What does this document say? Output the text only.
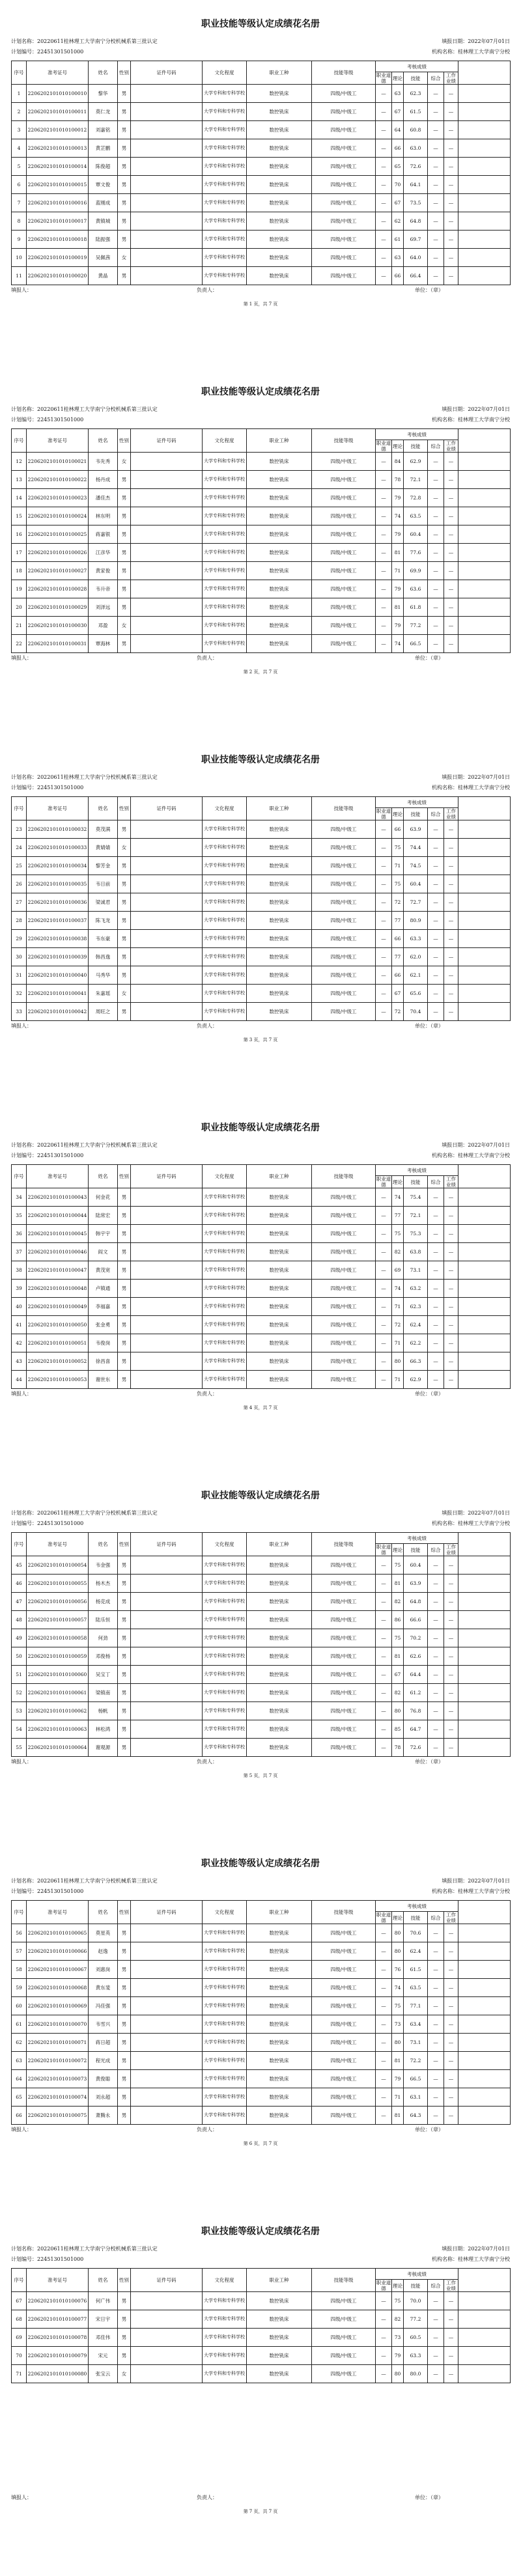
职业技能等级认定成绩花名册
计划名称：20220611桂林理工大学南宁分校机械系第三批认定	填报日期：2022年07月01日
计划编号：22451301501000	机构名称：桂林理工大学南宁分校
序号	准考证号	姓名	性别	证件号码	文化程度	职业工种	技能等级	考核成绩					
								职业道德	理论	技能	综合	工作业绩	
1	2206202101010100010	黎华	男		大学专科和专科学校	数控铣床	四级/中级工	—	63	62.3	—	—	
2	2206202101010100011	莫仁龙	男		大学专科和专科学校	数控铣床	四级/中级工	—	67	61.5	—	—	
3	2206202101010100012	刘嘉铭	男		大学专科和专科学校	数控铣床	四级/中级工	—	64	60.8	—	—	
4	2206202101010100013	黄芷鹏	男		大学专科和专科学校	数控铣床	四级/中级工	—	66	63.0	—	—	
5	2206202101010100014	陈俊超	男		大学专科和专科学校	数控铣床	四级/中级工	—	65	72.6	—	—	
6	2206202101010100015	覃文俊	男		大学专科和专科学校	数控铣床	四级/中级工	—	70	64.1	—	—	
7	2206202101010100016	蓝刚成	男		大学专科和专科学校	数控铣床	四级/中级工	—	67	73.5	—	—	
8	2206202101010100017	黄镇城	男		大学专科和专科学校	数控铣床	四级/中级工	—	62	64.8	—	—	
9	2206202101010100018	陆振强	男		大学专科和专科学校	数控铣床	四级/中级工	—	61	69.7	—	—	
10	2206202101010100019	吴佩茜	女		大学专科和专科学校	数控铣床	四级/中级工	—	63	64.0	—	—	
11	2206202101010100020	黄晶	男		大学专科和专科学校	数控铣床	四级/中级工	—	66	66.4	—	—	
填报人：	负责人：	单位：（章）
第 1 页，共 7 页
职业技能等级认定成绩花名册
计划名称：20220611桂林理工大学南宁分校机械系第三批认定	填报日期：2022年07月01日
计划编号：22451301501000	机构名称：桂林理工大学南宁分校
序号	准考证号	姓名	性别	证件号码	文化程度	职业工种	技能等级	考核成绩					
								职业道德	理论	技能	综合	工作业绩	
12	2206202101010100021	韦先秀	女		大学专科和专科学校	数控铣床	四级/中级工	—	84	62.9	—	—	
13	2206202101010100022	杨丹成	男		大学专科和专科学校	数控铣床	四级/中级工	—	78	72.1	—	—	
14	2206202101010100023	潘佳杰	男		大学专科和专科学校	数控铣床	四级/中级工	—	79	72.8	—	—	
15	2206202101010100024	林东明	男		大学专科和专科学校	数控铣床	四级/中级工	—	74	63.5	—	—	
16	2206202101010100025	蒋嘉银	男		大学专科和专科学校	数控铣床	四级/中级工	—	79	60.4	—	—	
17	2206202101010100026	江彦华	男		大学专科和专科学校	数控铣床	四级/中级工	—	81	77.6	—	—	
18	2206202101010100027	黄家俊	男		大学专科和专科学校	数控铣床	四级/中级工	—	71	69.9	—	—	
19	2206202101010100028	韦升帝	男		大学专科和专科学校	数控铣床	四级/中级工	—	79	63.6	—	—	
20	2206202101010100029	刘泽远	男		大学专科和专科学校	数控铣床	四级/中级工	—	81	61.8	—	—	
21	2206202101010100030	邓盈	女		大学专科和专科学校	数控铣床	四级/中级工	—	79	77.2	—	—	
22	2206202101010100031	覃海林	男		大学专科和专科学校	数控铣床	四级/中级工	—	74	66.5	—	—	
填报人：	负责人：	单位：（章）
第 2 页，共 7 页
职业技能等级认定成绩花名册
计划名称：20220611桂林理工大学南宁分校机械系第三批认定	填报日期：2022年07月01日
计划编号：22451301501000	机构名称：桂林理工大学南宁分校
序号	准考证号	姓名	性别	证件号码	文化程度	职业工种	技能等级	考核成绩					
								职业道德	理论	技能	综合	工作业绩	
23	2206202101010100032	莫茂满	男		大学专科和专科学校	数控铣床	四级/中级工	—	66	63.9	—	—	
24	2206202101010100033	黄婧婧	女		大学专科和专科学校	数控铣床	四级/中级工	—	75	74.4	—	—	
25	2206202101010100034	黎芳金	男		大学专科和专科学校	数控铣床	四级/中级工	—	71	74.5	—	—	
26	2206202101010100035	韦日前	男		大学专科和专科学校	数控铣床	四级/中级工	—	75	60.4	—	—	
27	2206202101010100036	梁诚君	男		大学专科和专科学校	数控铣床	四级/中级工	—	72	72.7	—	—	
28	2206202101010100037	陈飞龙	男		大学专科和专科学校	数控铣床	四级/中级工	—	77	80.9	—	—	
29	2206202101010100038	韦东豪	男		大学专科和专科学校	数控铣床	四级/中级工	—	66	63.3	—	—	
30	2206202101010100039	韩昌逸	男		大学专科和专科学校	数控铣床	四级/中级工	—	77	62.0	—	—	
31	2206202101010100040	马秀华	男		大学专科和专科学校	数控铣床	四级/中级工	—	66	62.1	—	—	
32	2206202101010100041	朱嘉瑶	女		大学专科和专科学校	数控铣床	四级/中级工	—	67	65.6	—	—	
33	2206202101010100042	周旺之	男		大学专科和专科学校	数控铣床	四级/中级工	—	72	70.4	—	—	
填报人：	负责人：	单位：（章）
第 3 页，共 7 页
职业技能等级认定成绩花名册
计划名称：20220611桂林理工大学南宁分校机械系第三批认定	填报日期：2022年07月01日
计划编号：22451301501000	机构名称：桂林理工大学南宁分校
序号	准考证号	姓名	性别	证件号码	文化程度	职业工种	技能等级	考核成绩					
								职业道德	理论	技能	综合	工作业绩	
34	2206202101010100043	何金花	男		大学专科和专科学校	数控铣床	四级/中级工	—	74	75.4	—	—	
35	2206202101010100044	陆常宏	男		大学专科和专科学校	数控铣床	四级/中级工	—	77	72.1	—	—	
36	2206202101010100045	韩宇宇	男		大学专科和专科学校	数控铣床	四级/中级工	—	75	75.3	—	—	
37	2206202101010100046	阎文	男		大学专科和专科学校	数控铣床	四级/中级工	—	82	63.8	—	—	
38	2206202101010100047	黄茂宽	男		大学专科和专科学校	数控铣床	四级/中级工	—	69	73.1	—	—	
39	2206202101010100048	卢镇通	男		大学专科和专科学校	数控铣床	四级/中级工	—	74	63.2	—	—	
40	2206202101010100049	李福嘉	男		大学专科和专科学校	数控铣床	四级/中级工	—	71	62.3	—	—	
41	2206202101010100050	张金勇	男		大学专科和专科学校	数控铣床	四级/中级工	—	72	62.4	—	—	
42	2206202101010100051	韦俊岗	男		大学专科和专科学校	数控铣床	四级/中级工	—	71	62.2	—	—	
43	2206202101010100052	徐昌喜	男		大学专科和专科学校	数控铣床	四级/中级工	—	80	66.3	—	—	
44	2206202101010100053	谢世东	男		大学专科和专科学校	数控铣床	四级/中级工	—	71	62.9	—	—	
填报人：	负责人：	单位：（章）
第 4 页，共 7 页
职业技能等级认定成绩花名册
计划名称：20220611桂林理工大学南宁分校机械系第三批认定	填报日期：2022年07月01日
计划编号：22451301501000	机构名称：桂林理工大学南宁分校
序号	准考证号	姓名	性别	证件号码	文化程度	职业工种	技能等级	考核成绩					
								职业道德	理论	技能	综合	工作业绩	
45	2206202101010100054	韦金强	男		大学专科和专科学校	数控铣床	四级/中级工	—	75	60.4	—	—	
46	2206202101010100055	杨木杰	男		大学专科和专科学校	数控铣床	四级/中级工	—	81	63.9	—	—	
47	2206202101010100056	杨克成	男		大学专科和专科学校	数控铣床	四级/中级工	—	82	64.8	—	—	
48	2206202101010100057	陆乐恒	男		大学专科和专科学校	数控铣床	四级/中级工	—	86	66.6	—	—	
49	2206202101010100058	何劲	男		大学专科和专科学校	数控铣床	四级/中级工	—	75	70.2	—	—	
50	2206202101010100059	邓俊杨	男		大学专科和专科学校	数控铣床	四级/中级工	—	81	62.6	—	—	
51	2206202101010100060	吴宝丁	男		大学专科和专科学校	数控铣床	四级/中级工	—	67	64.4	—	—	
52	2206202101010100061	梁镇南	男		大学专科和专科学校	数控铣床	四级/中级工	—	82	61.2	—	—	
53	2206202101010100062	杨帆	男		大学专科和专科学校	数控铣床	四级/中级工	—	80	76.8	—	—	
54	2206202101010100063	林松鸿	男		大学专科和专科学校	数控铣床	四级/中级工	—	85	64.7	—	—	
55	2206202101010100064	谢观源	男		大学专科和专科学校	数控铣床	四级/中级工	—	78	72.6	—	—	
填报人：	负责人：	单位：（章）
第 5 页，共 7 页
职业技能等级认定成绩花名册
计划名称：20220611桂林理工大学南宁分校机械系第三批认定	填报日期：2022年07月01日
计划编号：22451301501000	机构名称：桂林理工大学南宁分校
序号	准考证号	姓名	性别	证件号码	文化程度	职业工种	技能等级	考核成绩					
								职业道德	理论	技能	综合	工作业绩	
56	2206202101010100065	莫星英	男		大学专科和专科学校	数控铣床	四级/中级工	—	80	70.6	—	—	
57	2206202101010100066	赵逸	男		大学专科和专科学校	数控铣床	四级/中级工	—	80	62.4	—	—	
58	2206202101010100067	刘惠岗	男		大学专科和专科学校	数控铣床	四级/中级工	—	76	61.5	—	—	
59	2206202101010100068	黄东斐	男		大学专科和专科学校	数控铣床	四级/中级工	—	74	63.5	—	—	
60	2206202101010100069	冯佳强	男		大学专科和专科学校	数控铣床	四级/中级工	—	75	77.1	—	—	
61	2206202101010100070	韦雪兴	男		大学专科和专科学校	数控铣床	四级/中级工	—	73	63.4	—	—	
62	2206202101010100071	蒋日超	男		大学专科和专科学校	数控铣床	四级/中级工	—	80	73.1	—	—	
63	2206202101010100072	程光成	男		大学专科和专科学校	数控铣床	四级/中级工	—	81	72.2	—	—	
64	2206202101010100073	黄俊聪	男		大学专科和专科学校	数控铣床	四级/中级工	—	79	66.5	—	—	
65	2206202101010100074	刘永超	男		大学专科和专科学校	数控铣床	四级/中级工	—	71	63.1	—	—	
66	2206202101010100075	萧腾永	男		大学专科和专科学校	数控铣床	四级/中级工	—	81	64.3	—	—	
填报人：	负责人：	单位：（章）
第 6 页，共 7 页
职业技能等级认定成绩花名册
计划名称：20220611桂林理工大学南宁分校机械系第三批认定	填报日期：2022年07月01日
计划编号：22451301501000	机构名称：桂林理工大学南宁分校
序号	准考证号	姓名	性别	证件号码	文化程度	职业工种	技能等级	考核成绩					
								职业道德	理论	技能	综合	工作业绩	
67	2206202101010100076	何广伟	男		大学专科和专科学校	数控铣床	四级/中级工	—	75	70.0	—	—	
68	2206202101010100077	宋日宇	男		大学专科和专科学校	数控铣床	四级/中级工	—	82	77.2	—	—	
69	2206202101010100078	邓佳伟	男		大学专科和专科学校	数控铣床	四级/中级工	—	73	60.5	—	—	
70	2206202101010100079	宋元	男		大学专科和专科学校	数控铣床	四级/中级工	—	79	63.3	—	—	
71	2206202101010100080	张宝云	女		大学专科和专科学校	数控铣床	四级/中级工	—	80	80.0	—	—	
填报人：	负责人：	单位：（章）
第 7 页，共 7 页
